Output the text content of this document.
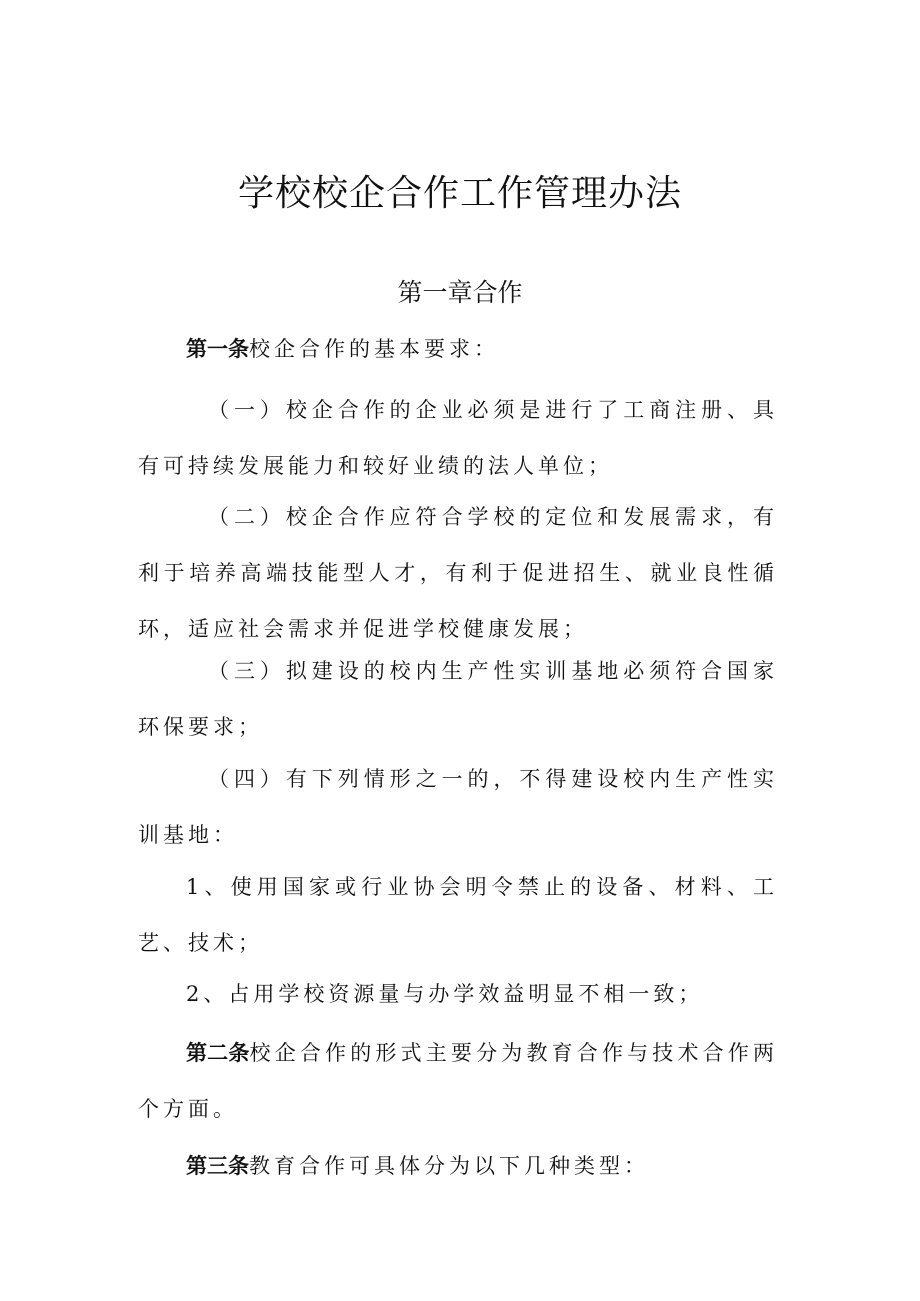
学校校企合作工作管理办法
第一章合作

第一条校企合作的基本要求：

（一）校企合作的企业必须是进行了工商注册、具有可持续发展能力和较好业绩的法人单位；

（二）校企合作应符合学校的定位和发展需求，有利于培养高端技能型人才，有利于促进招生、就业良性循环，适应社会需求并促进学校健康发展；

（三）拟建设的校内生产性实训基地必须符合国家环保要求；

（四）有下列情形之一的，不得建设校内生产性实训基地：

1、使用国家或行业协会明令禁止的设备、材料、工艺、技术；

2、占用学校资源量与办学效益明显不相一致；

第二条校企合作的形式主要分为教育合作与技术合作两个方面。

第三条教育合作可具体分为以下几种类型：
